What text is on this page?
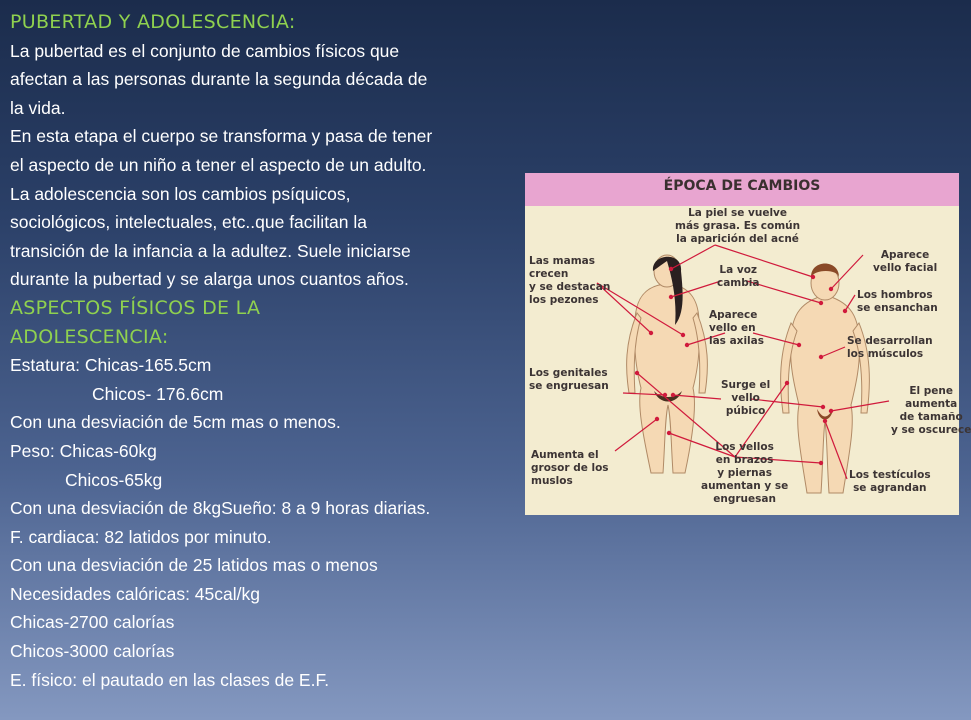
PUBERTAD Y ADOLESCENCIA:
La pubertad es el conjunto de cambios físicos que
afectan a las personas durante la segunda década de
la vida.
En esta etapa el cuerpo se transforma y pasa de tener
el aspecto de un niño a tener el aspecto de un adulto.
La adolescencia son los cambios psíquicos,
sociológicos, intelectuales, etc..que facilitan la
transición de la infancia a la adultez. Suele iniciarse
durante la pubertad y se alarga unos cuantos años.
ASPECTOS FÍSICOS DE LA
ADOLESCENCIA:
Estatura: Chicas-165.5cm
Chicos- 176.6cm
Con una desviación de 5cm mas o menos.
Peso: Chicas-60kg
Chicos-65kg
Con una desviación de 8kgSueño: 8 a 9 horas diarias.
F. cardiaca: 82 latidos por minuto.
Con una desviación de 25 latidos mas o menos
Necesidades calóricas: 45cal/kg
Chicas-2700 calorías
Chicos-3000 calorías
E. físico: el pautado en las clases de E.F.
ÉPOCA DE CAMBIOS
La piel se vuelve
más grasa. Es común
la aparición del acné
Las mamas
crecen
y se destacan
los pezones
La voz
cambia
Aparece
vello facial
Los hombros
se ensanchan
Aparece
vello en
las axilas	Se desarrollan
los músculos
Los genitales
se engruesan	Surge el
vello
púbico
El pene
aumenta
de tamaño
y se oscurece
Aumenta el
grosor de los
muslos
Los vellos
en brazos
y piernas
aumentan y se
engruesan
Los testículos
se agrandan
